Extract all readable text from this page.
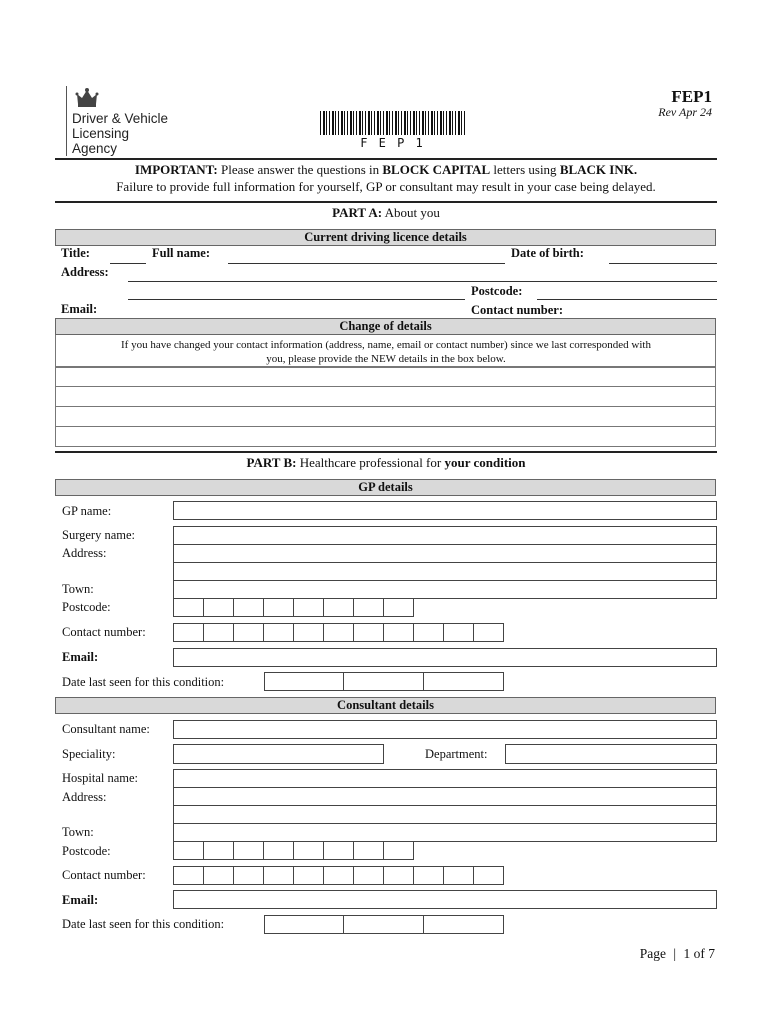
Driver & Vehicle
Licensing
Agency	F E P 1
FEP1
Rev Apr 24
IMPORTANT: Please answer the questions in BLOCK CAPITAL letters using BLACK INK.
Failure to provide full information for yourself, GP or consultant may result in your case being delayed.
PART A: About you
Current driving licence details
Title:	Full name:	Date of birth:
Address:
Postcode:
Email:	Contact number:
Change of details
If you have changed your contact information (address, name, email or contact number) since we last corresponded with
you, please provide the NEW details in the box below.
PART B: Healthcare professional for your condition
GP details
GP name:
Surgery name:
Address:
Town:
Postcode:
Contact number:
Email:
Date last seen for this condition:
Consultant details
Consultant name:
Speciality:	Department:
Hospital name:
Address:
Town:
Postcode:
Contact number:
Email:
Date last seen for this condition:
Page | 1 of 7
